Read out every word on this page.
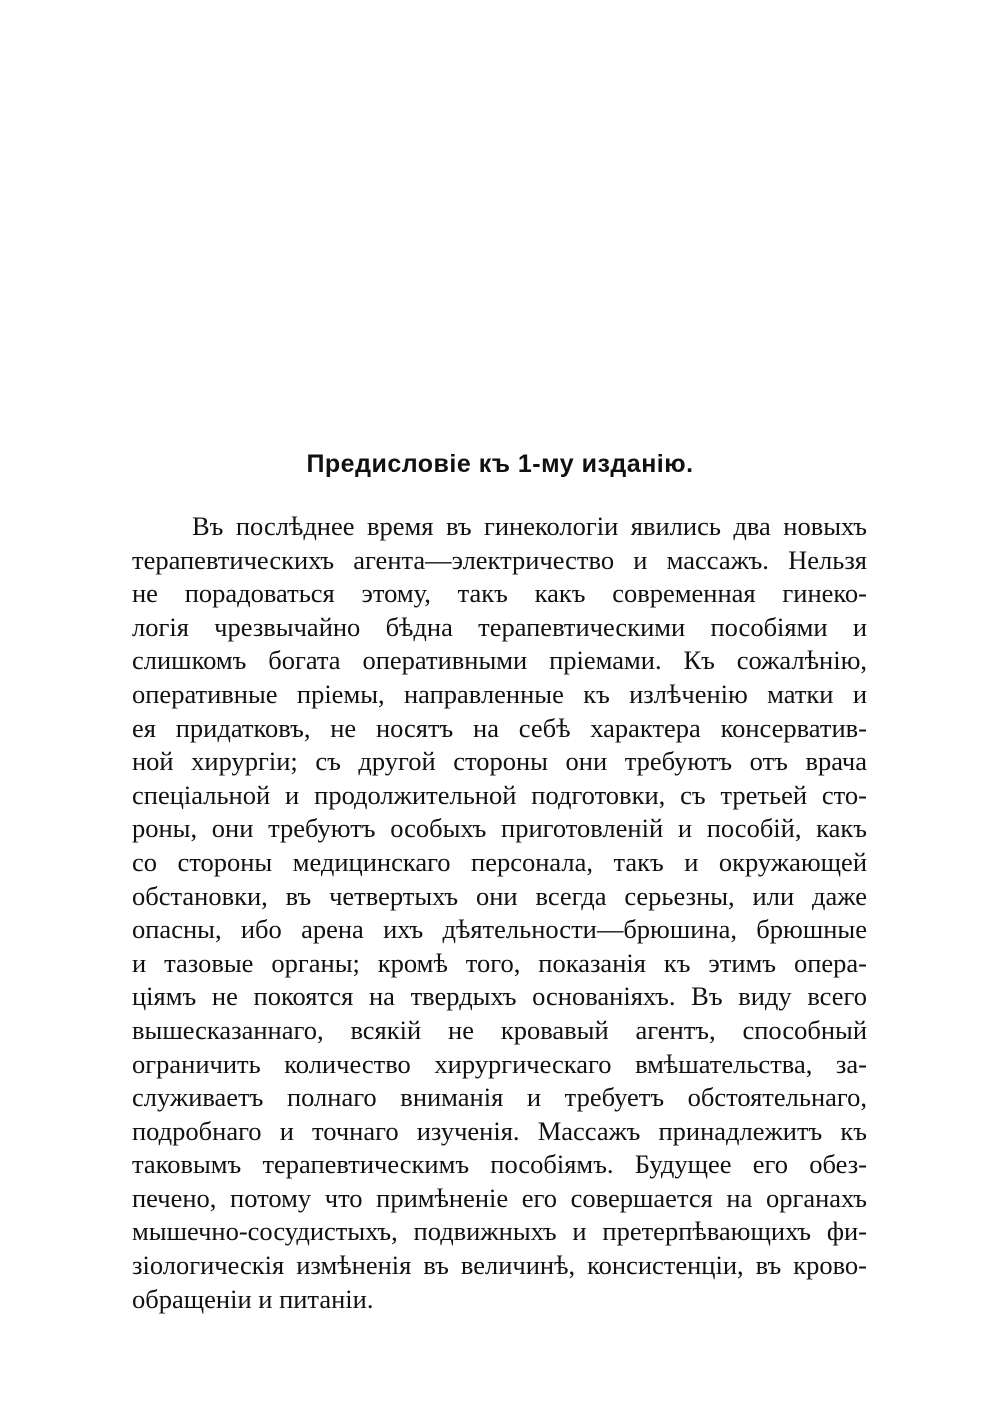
Предисловіе къ 1-му изданію.
Въ послѣднее время въ гинекологіи явились два новыхъ
терапевтическихъ агента—электричество и массажъ. Нельзя
не порадоваться этому, такъ какъ современная гинеко-
логія чрезвычайно бѣдна терапевтическими пособіями и
слишкомъ богата оперативными пріемами. Къ сожалѣнію,
оперативные пріемы, направленные къ излѣченію матки и
ея придатковъ, не носятъ на себѣ характера консерватив-
ной хирургіи; съ другой стороны они требуютъ отъ врача
спеціальной и продолжительной подготовки, съ третьей сто-
роны, они требуютъ особыхъ приготовленій и пособій, какъ
со стороны медицинскаго персонала, такъ и окружающей
обстановки, въ четвертыхъ они всегда серьезны, или даже
опасны, ибо арена ихъ дѣятельности—брюшина, брюшные
и тазовые органы; кромѣ того, показанія къ этимъ опера-
ціямъ не покоятся на твердыхъ основаніяхъ. Въ виду всего
вышесказаннаго, всякій не кровавый агентъ, способный
ограничить количество хирургическаго вмѣшательства, за-
служиваетъ полнаго вниманія и требуетъ обстоятельнаго,
подробнаго и точнаго изученія. Массажъ принадлежитъ къ
таковымъ терапевтическимъ пособіямъ. Будущее его обез-
печено, потому что примѣненіе его совершается на органахъ
мышечно-сосудистыхъ, подвижныхъ и претерпѣвающихъ фи-
зіологическія измѣненія въ величинѣ, консистенціи, въ крово-
обращеніи и питаніи.
